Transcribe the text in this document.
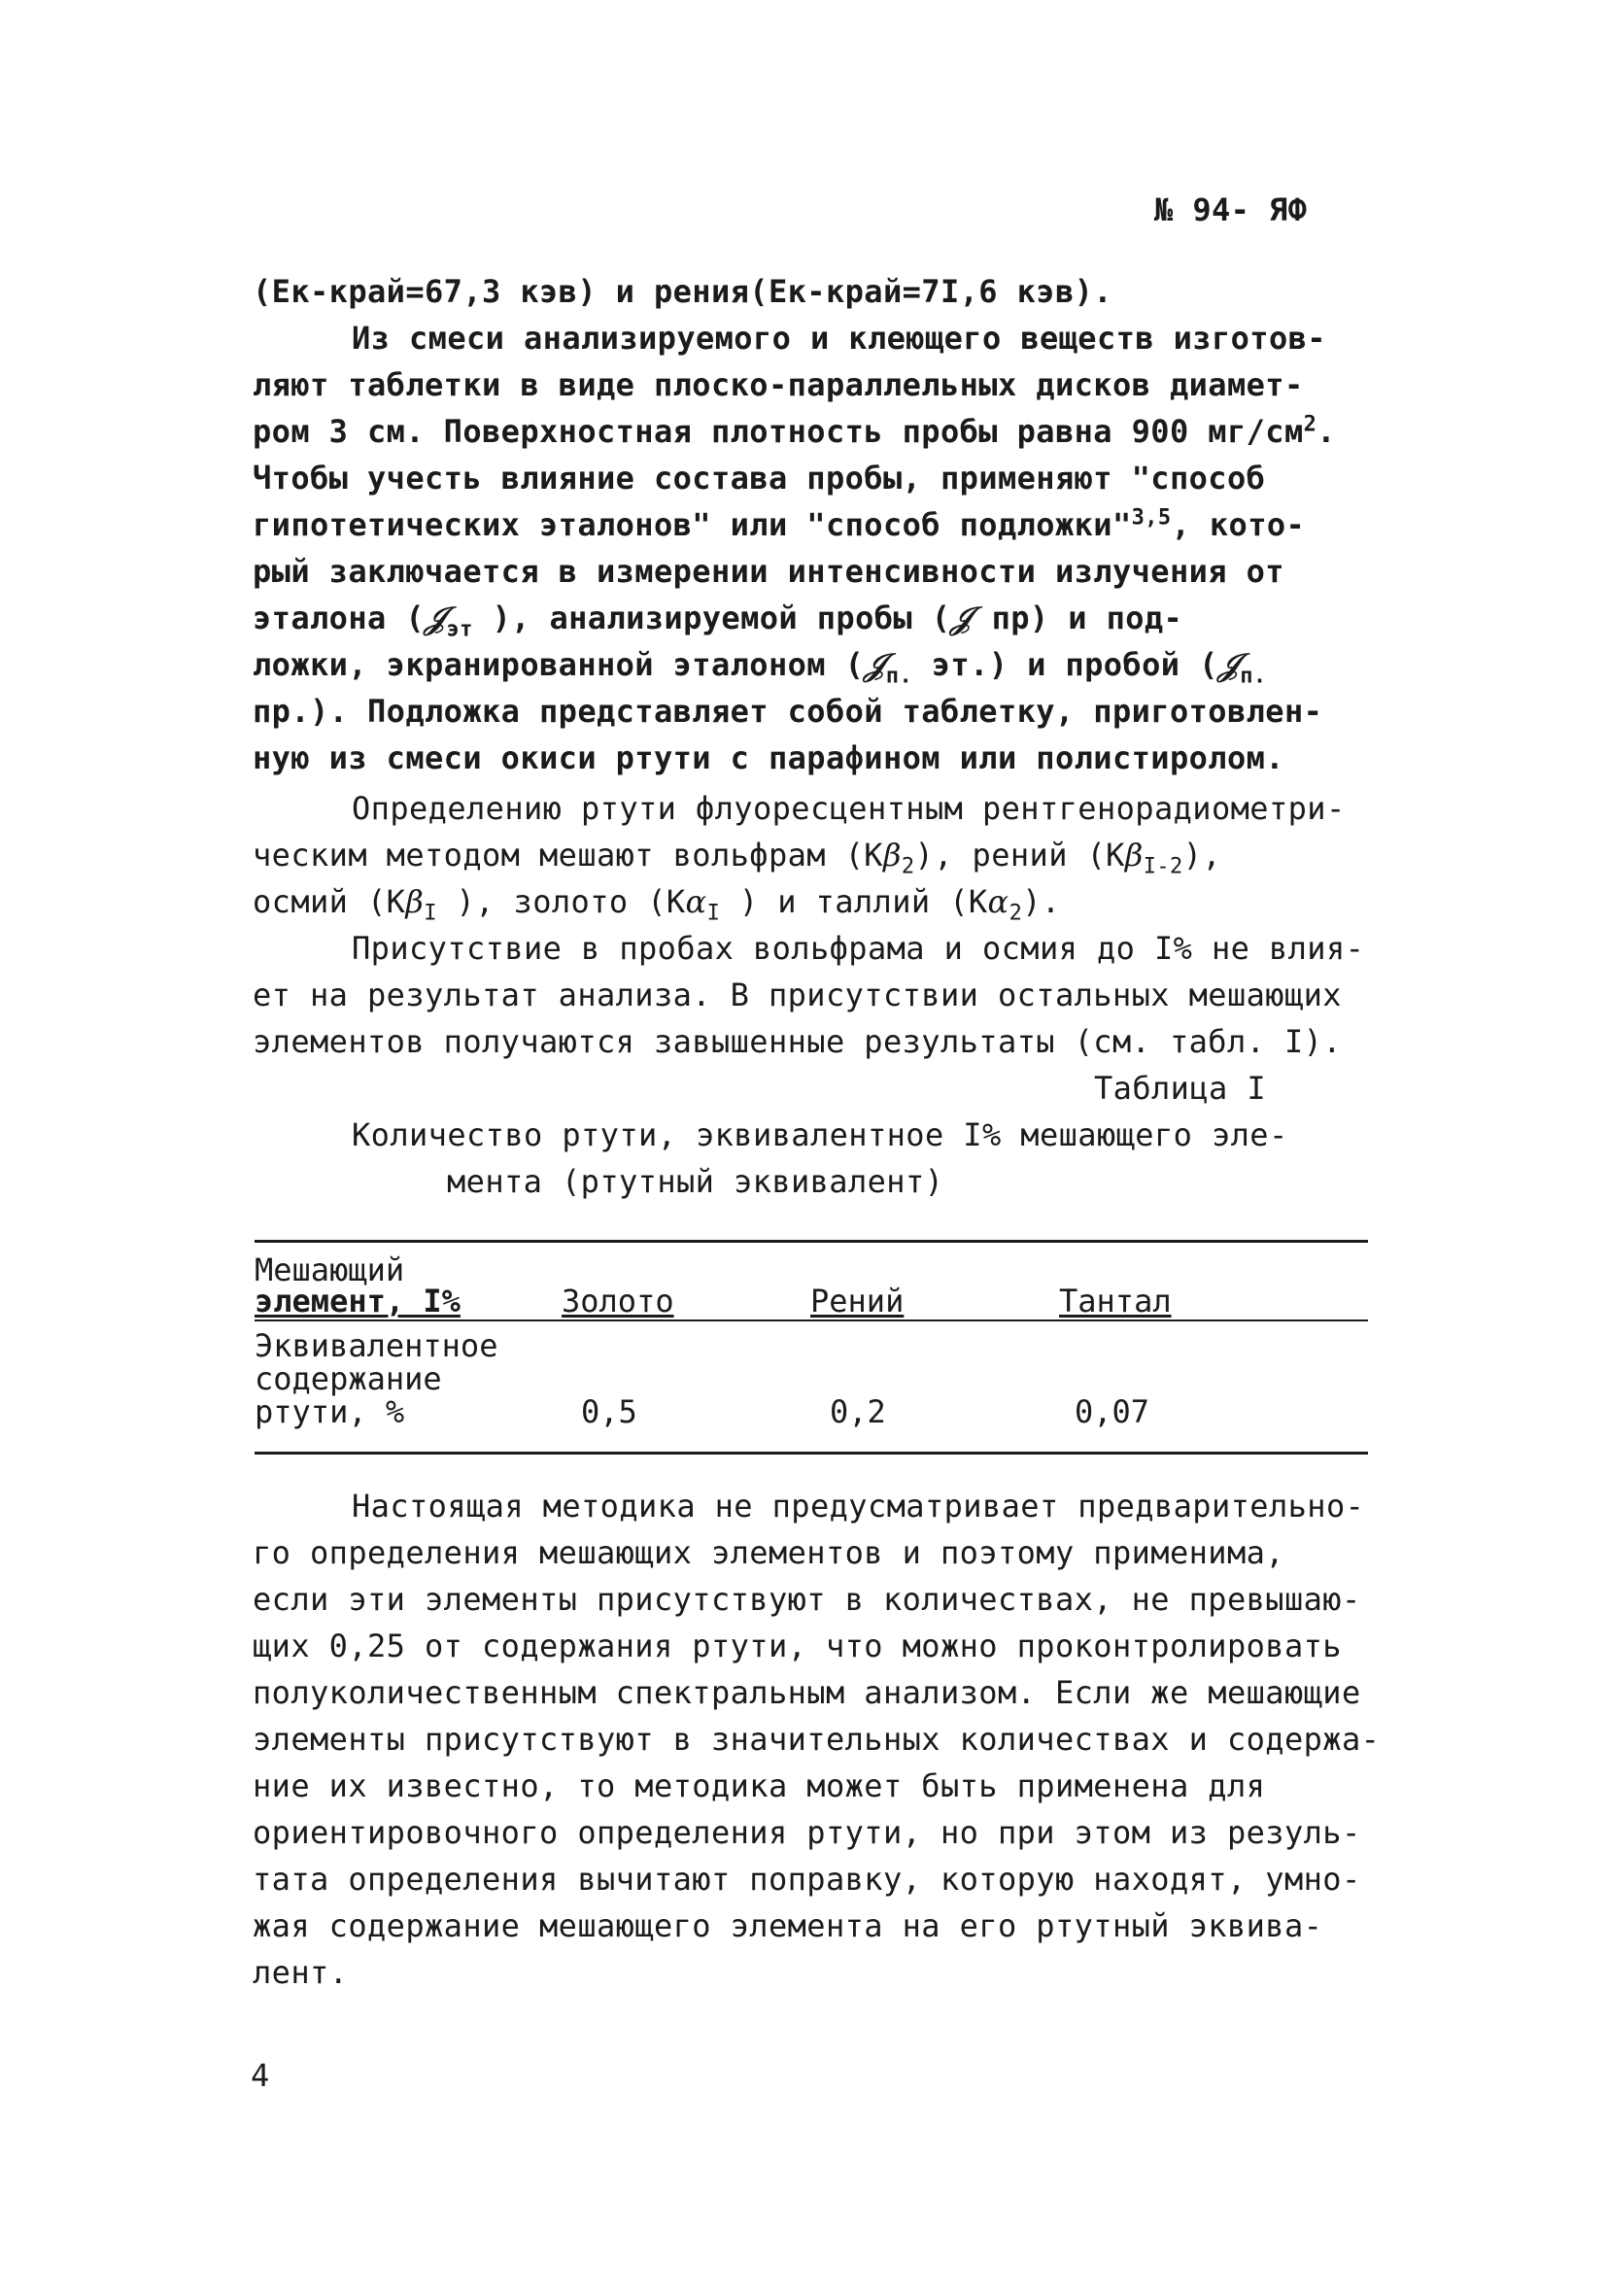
№ 94- ЯФ
(Ек-край=67,3 кэв) и рения(Ек-край=7I,6 кэв).
Из смеси анализируемого и клеющего веществ изготов-
ляют таблетки в виде плоско-параллельных дисков диамет-
ром 3 см. Поверхностная плотность пробы равна 900 $мг/см^2$.
Чтобы учесть влияние состава пробы, применяют "способ
гипотетических эталонов" или "способ подложки"$^{3,5}$, кото-
рый заключается в измерении интенсивности излучения от
эталона (𝒥$_{эт}$ ), анализируемой пробы (𝒥 пр) и под-
ложки, экранированной эталоном (𝒥$_{п.}$ эт.) и пробой (𝒥$_{п.}$
пр.). Подложка представляет собой таблетку, приготовлен-
ную из смеси окиси ртути с парафином или полистиролом.
Определению ртути флуоресцентным рентгенорадиометри-
ческим методом мешают вольфрам $(К\beta_2)$, рений $(К\beta_{I-2})$,
осмий ($К\beta_I$ ), золото ($К\alpha_I$ ) и таллий $(К\alpha_2)$.
Присутствие в пробах вольфрама и осмия до I% не влия-
ет на результат анализа. В присутствии остальных мешающих
элементов получаются завышенные результаты (см. табл. I).
Таблица I
Количество ртути, эквивалентное I% мешающего эле-
мента (ртутный эквивалент)
Мешающий
элемент, I%	Золото	Рений	Тантал
Эквивалентное
содержание
ртути, %	0,5	0,2	0,07
Настоящая методика не предусматривает предварительно-
го определения мешающих элементов и поэтому применима,
если эти элементы присутствуют в количествах, не превышаю-
щих 0,25 от содержания ртути, что можно проконтролировать
полуколичественным спектральным анализом. Если же мешающие
элементы присутствуют в значительных количествах и содержа-
ние их известно, то методика может быть применена для
ориентировочного определения ртути, но при этом из резуль-
тата определения вычитают поправку, которую находят, умно-
жая содержание мешающего элемента на его ртутный эквива-
лент.
4
